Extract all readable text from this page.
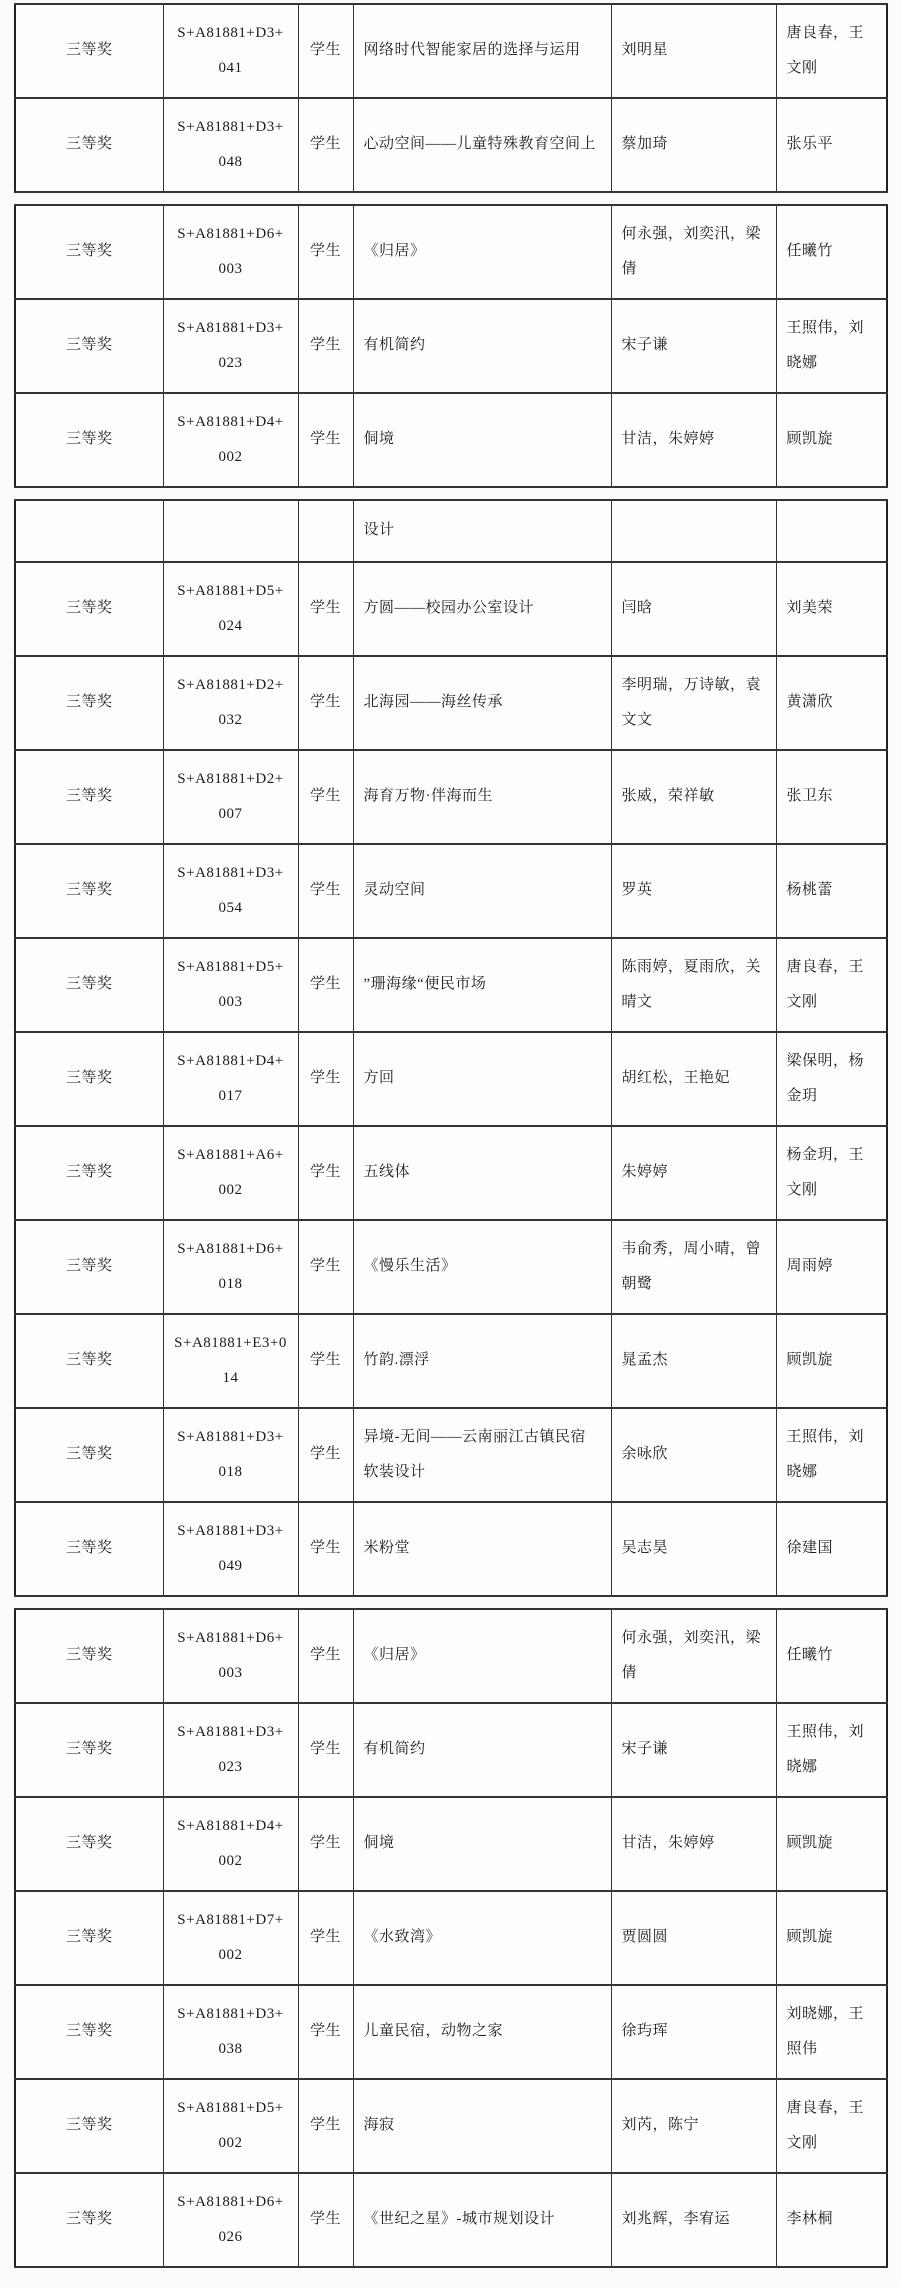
三等奖	S+A81881+D3+041	学生	网络时代智能家居的选择与运用	刘明星	唐良春，王文刚
三等奖	S+A81881+D3+048	学生	心动空间——儿童特殊教育空间上	蔡加琦	张乐平
三等奖	S+A81881+D6+003	学生	《归居》	何永强，刘奕汛，梁倩	任曦竹
三等奖	S+A81881+D3+023	学生	有机简约	宋子谦	王照伟，刘晓娜
三等奖	S+A81881+D4+002	学生	侗境	甘洁，朱婷婷	顾凯旋
			设计		
三等奖	S+A81881+D5+024	学生	方圆——校园办公室设计	闫晗	刘美荣
三等奖	S+A81881+D2+032	学生	北海园——海丝传承	李明瑞，万诗敏，袁文文	黄潇欣
三等奖	S+A81881+D2+007	学生	海育万物·伴海而生	张威，荣祥敏	张卫东
三等奖	S+A81881+D3+054	学生	灵动空间	罗英	杨桃蕾
三等奖	S+A81881+D5+003	学生	”珊海缘“便民市场	陈雨婷，夏雨欣，关晴文	唐良春，王文刚
三等奖	S+A81881+D4+017	学生	方回	胡红松，王艳妃	梁保明，杨金玥
三等奖	S+A81881+A6+002	学生	五线体	朱婷婷	杨金玥，王文刚
三等奖	S+A81881+D6+018	学生	《慢乐生活》	韦俞秀，周小晴，曾朝鹭	周雨婷
三等奖	S+A81881+E3+014	学生	竹韵.漂浮	晁孟杰	顾凯旋
三等奖	S+A81881+D3+018	学生	异境-无间——云南丽江古镇民宿软装设计	余咏欣	王照伟，刘晓娜
三等奖	S+A81881+D3+049	学生	米粉堂	吴志昊	徐建国
三等奖	S+A81881+D6+003	学生	《归居》	何永强，刘奕汛，梁倩	任曦竹
三等奖	S+A81881+D3+023	学生	有机简约	宋子谦	王照伟，刘晓娜
三等奖	S+A81881+D4+002	学生	侗境	甘洁，朱婷婷	顾凯旋
三等奖	S+A81881+D7+002	学生	《水致湾》	贾圆圆	顾凯旋
三等奖	S+A81881+D3+038	学生	儿童民宿，动物之家	徐玙珲	刘晓娜，王照伟
三等奖	S+A81881+D5+002	学生	海寂	刘芮，陈宁	唐良春，王文刚
三等奖	S+A81881+D6+026	学生	《世纪之星》-城市规划设计	刘兆辉，李宥运	李林桐
